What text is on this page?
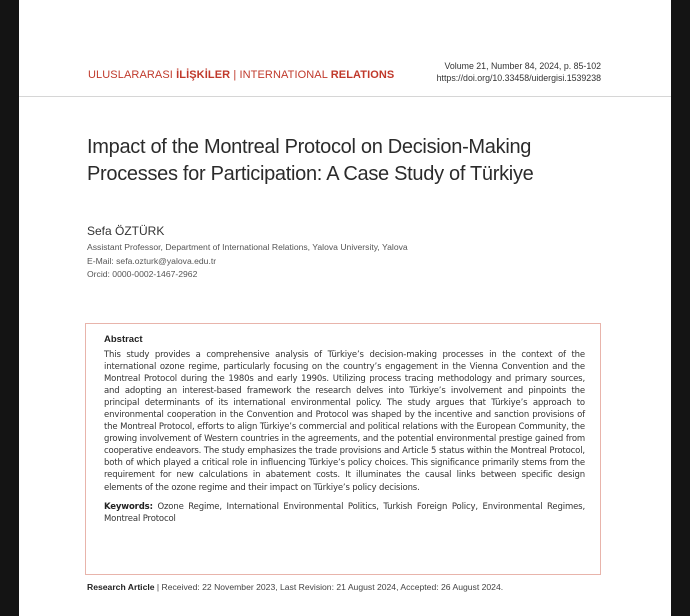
ULUSLARARASI İLİŞKİLER | INTERNATIONAL RELATIONS
Volume 21, Number 84, 2024, p. 85-102
https://doi.org/10.33458/uidergisi.1539238
Impact of the Montreal Protocol on Decision-Making Processes for Participation: A Case Study of Türkiye
Sefa ÖZTÜRK
Assistant Professor, Department of International Relations, Yalova University, Yalova
E-Mail: sefa.ozturk@yalova.edu.tr
Orcid: 0000-0002-1467-2962
Abstract

This study provides a comprehensive analysis of Türkiye’s decision-making processes in the context of the international ozone regime, particularly focusing on the country’s engagement in the Vienna Convention and the Montreal Protocol during the 1980s and early 1990s. Utilizing process tracing methodology and primary sources, and adopting an interest-based framework the research delves into Türkiye’s involvement and pinpoints the principal determinants of its international environmental policy. The study argues that Türkiye’s approach to environmental cooperation in the Convention and Protocol was shaped by the incentive and sanction provisions of the Montreal Protocol, efforts to align Türkiye’s commercial and political relations with the European Community, the growing involvement of Western countries in the agreements, and the potential environmental prestige gained from cooperative endeavors. The study emphasizes the trade provisions and Article 5 status within the Montreal Protocol, both of which played a critical role in influencing Türkiye’s policy choices. This significance primarily stems from the requirement for new calculations in abatement costs. It illuminates the causal links between specific design elements of the ozone regime and their impact on Türkiye’s policy decisions.

Keywords: Ozone Regime, International Environmental Politics, Turkish Foreign Policy, Environmental Regimes, Montreal Protocol
Research Article | Received: 22 November 2023, Last Revision: 21 August 2024, Accepted: 26 August 2024.
